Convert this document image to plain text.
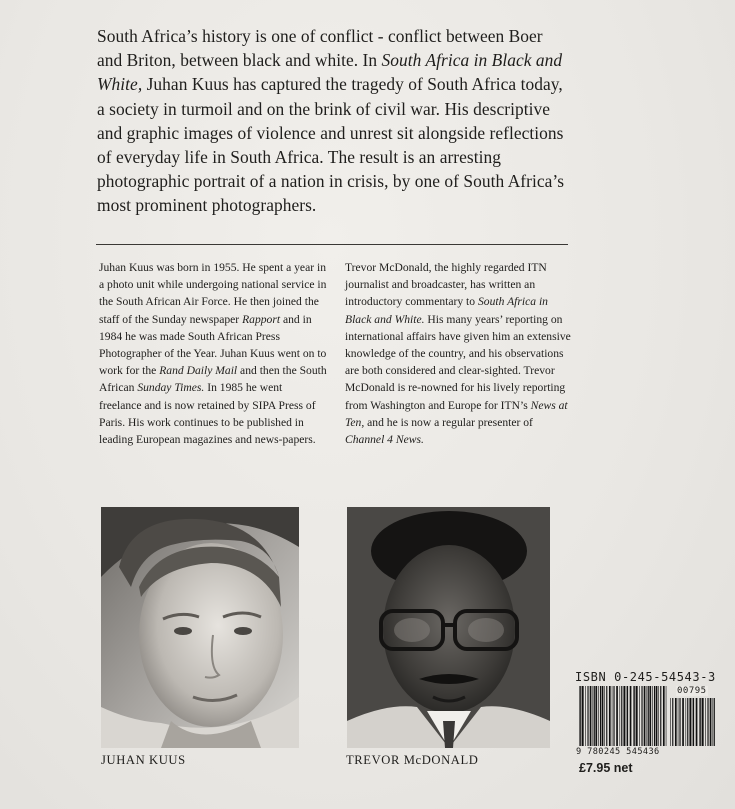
South Africa’s history is one of conflict - conflict between Boer and Briton, between black and white. In South Africa in Black and White, Juhan Kuus has captured the tragedy of South Africa today, a society in turmoil and on the brink of civil war. His descriptive and graphic images of violence and unrest sit alongside reflections of everyday life in South Africa. The result is an arresting photographic portrait of a nation in crisis, by one of South Africa’s most prominent photographers.

Juhan Kuus was born in 1955. He spent a year in a photo unit while undergoing national service in the South African Air Force. He then joined the staff of the Sunday newspaper Rapport and in 1984 he was made South African Press Photographer of the Year. Juhan Kuus went on to work for the Rand Daily Mail and then the South African Sunday Times. In 1985 he went freelance and is now retained by SIPA Press of Paris. His work continues to be published in leading European magazines and news-papers.

Trevor McDonald, the highly regarded ITN journalist and broadcaster, has written an introductory commentary to South Africa in Black and White. His many years’ reporting on international affairs have given him an extensive knowledge of the country, and his observations are both considered and clear-sighted. Trevor McDonald is re-nowned for his lively reporting from Washington and Europe for ITN’s News at Ten, and he is now a regular presenter of Channel 4 News.

JUHAN KUUS	TREVOR McDONALD

ISBN 0-245-54543-3

00795

9 780245 545436

£7.95 net
